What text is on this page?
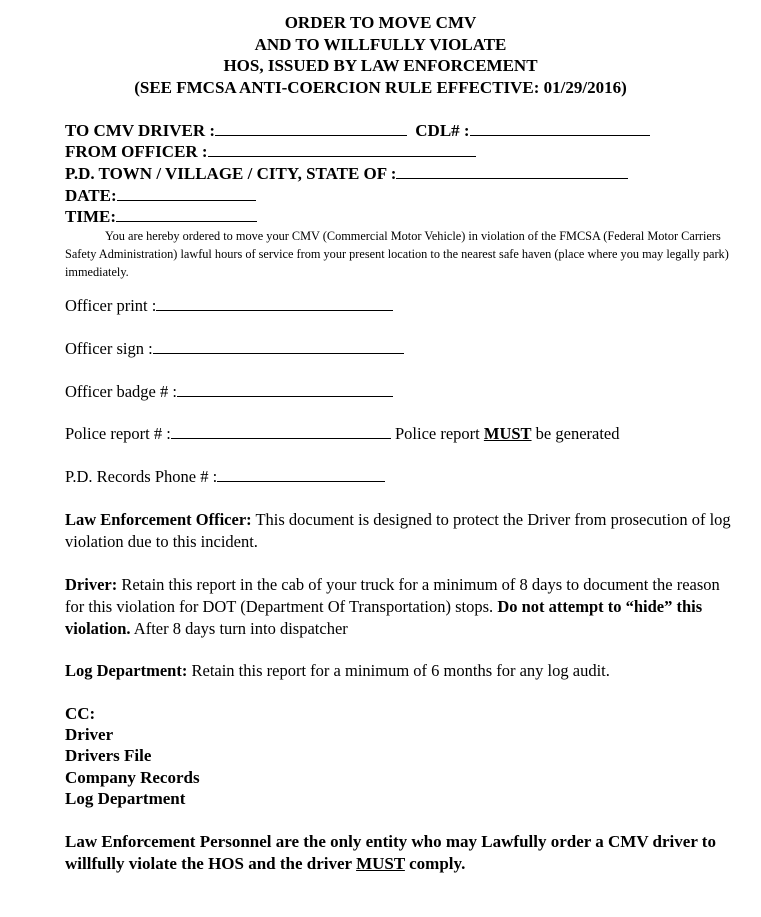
ORDER TO MOVE CMV
AND TO WILLFULLY VIOLATE
HOS, ISSUED BY LAW ENFORCEMENT
(SEE FMCSA ANTI-COERCION RULE EFFECTIVE: 01/29/2016)
TO CMV DRIVER :	CDL# :
FROM OFFICER :
P.D. TOWN / VILLAGE / CITY, STATE OF :
DATE:
TIME:

You are hereby ordered to move your CMV (Commercial Motor Vehicle) in violation of the FMCSA (Federal Motor Carriers Safety Administration) lawful hours of service from your present location to the nearest safe haven (place where you may legally park) immediately.

Officer print :
Officer sign :
Officer badge # :
Police report # :	Police report MUST be generated
P.D. Records Phone # :

Law Enforcement Officer: This document is designed to protect the Driver from prosecution of log violation due to this incident.

Driver: Retain this report in the cab of your truck for a minimum of 8 days to document the reason for this violation for DOT (Department Of Transportation) stops. Do not attempt to “hide” this violation. After 8 days turn into dispatcher

Log Department: Retain this report for a minimum of 6 months for any log audit.

CC:
Driver
Drivers File
Company Records
Log Department

Law Enforcement Personnel are the only entity who may Lawfully order a CMV driver to willfully violate the HOS and the driver MUST comply.
